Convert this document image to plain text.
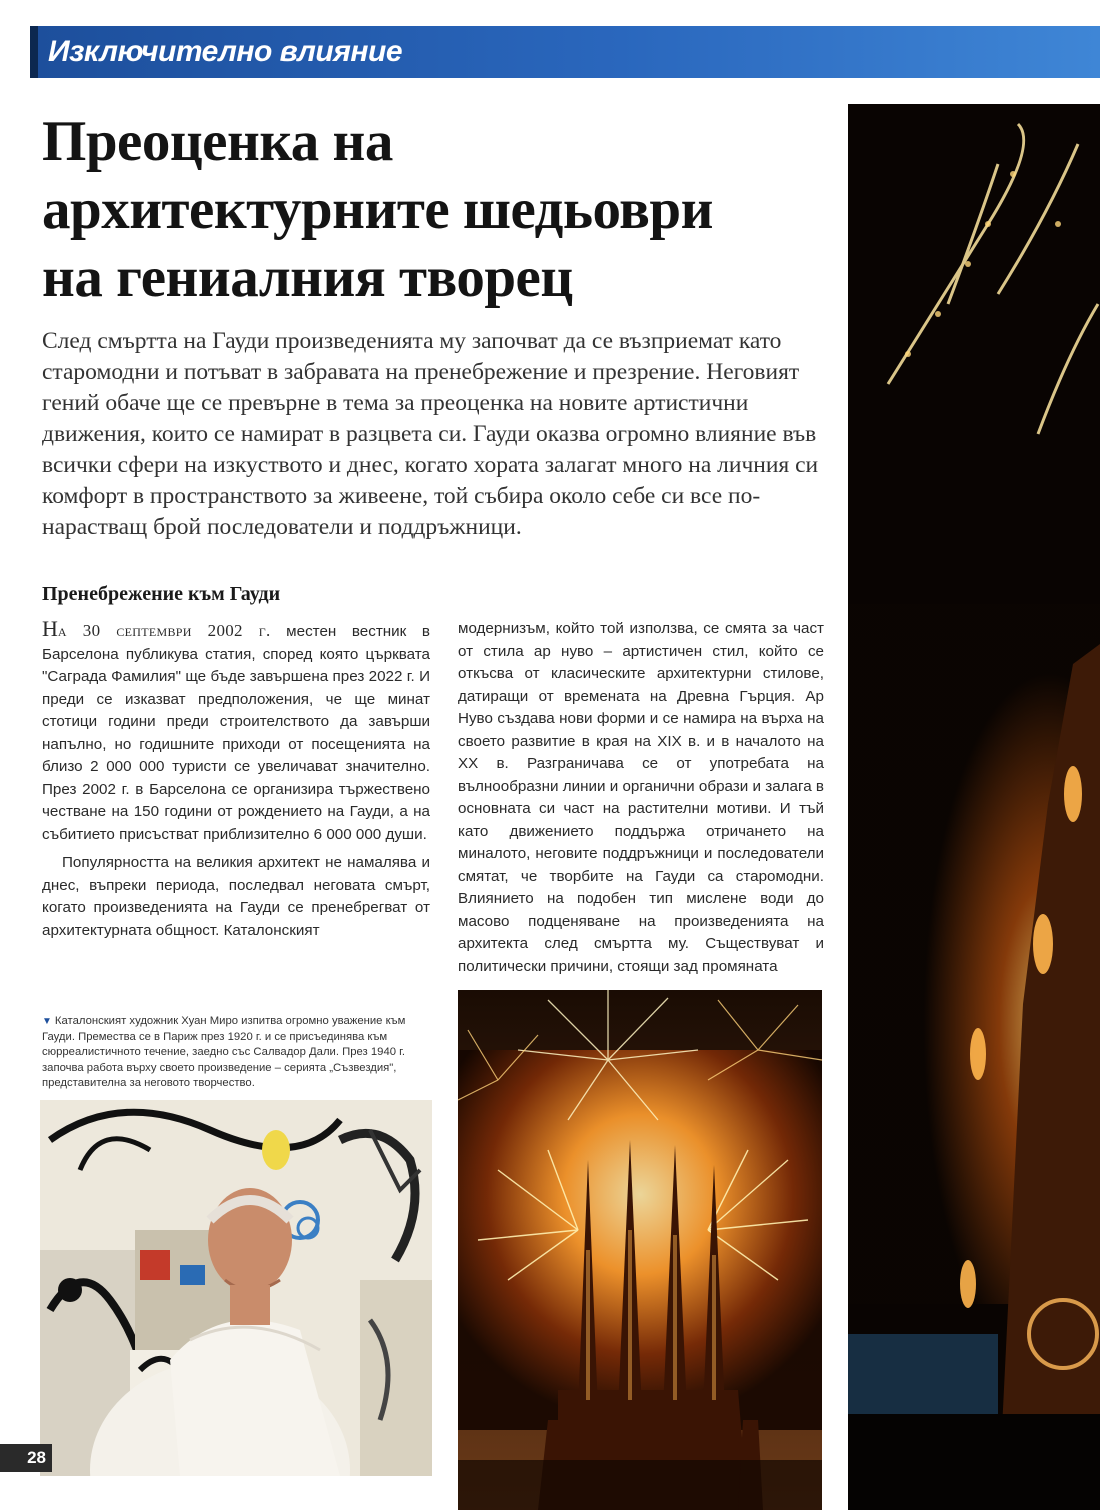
Изключително влияние
Преоценка на
архитектурните шедьоври
на гениалния творец

След смъртта на Гауди произведенията му започват да се възприемат като старомодни и потъват в забравата на пренебрежение и презрение. Неговият гений обаче ще се превърне в тема за преоценка на новите артистични движения, които се намират в разцвета си. Гауди оказва огромно влияние във всички сфери на изкуството и днес, когато хората залагат много на личния си комфорт в пространството за живеене, той събира около себе си все по-нарастващ брой последователи и поддръжници.

Пренебрежение към Гауди

На 30 септември 2002 г. местен вестник в Барселона публикува статия, според която църквата "Саграда Фамилия" ще бъде завършена през 2022 г. И преди се изказват предположения, че ще минат стотици години преди строителството да завърши напълно, но годишните приходи от посещенията на близо 2 000 000 туристи се увеличават значително. През 2002 г. в Барселона се организира тържествено честване на 150 години от рождението на Гауди, а на събитието присъстват приблизително 6 000 000 души.

Популярността на великия архитект не намалява и днес, въпреки периода, последвал неговата смърт, когато произведенията на Гауди се пренебрегват от архитектурната общност. Каталонският

модернизъм, който той използва, се смята за част от стила ар нуво – артистичен стил, който се откъсва от класическите архитектурни стилове, датиращи от времената на Древна Гърция. Ар Нуво създава нови форми и се намира на върха на своето развитие в края на XIX в. и в началото на XX в. Разграничава се от употребата на вълнообразни линии и органични образи и залага в основната си част на растителни мотиви. И тъй като движението поддържа отричането на миналото, неговите поддръжници и последователи смятат, че творбите на Гауди са старомодни. Влиянието на подобен тип мислене води до масово подценяване на произведенията на архитекта след смъртта му. Съществуват и политически причини, стоящи зад промяната

▼ Каталонският художник Хуан Миро изпитва огромно уважение към Гауди. Премества се в Париж през 1920 г. и се присъединява към сюрреалистичното течение, заедно със Салвадор Дали. През 1940 г. започва работа върху своето произведение – серията „Съзвездия", представителна за неговото творчество.
28
